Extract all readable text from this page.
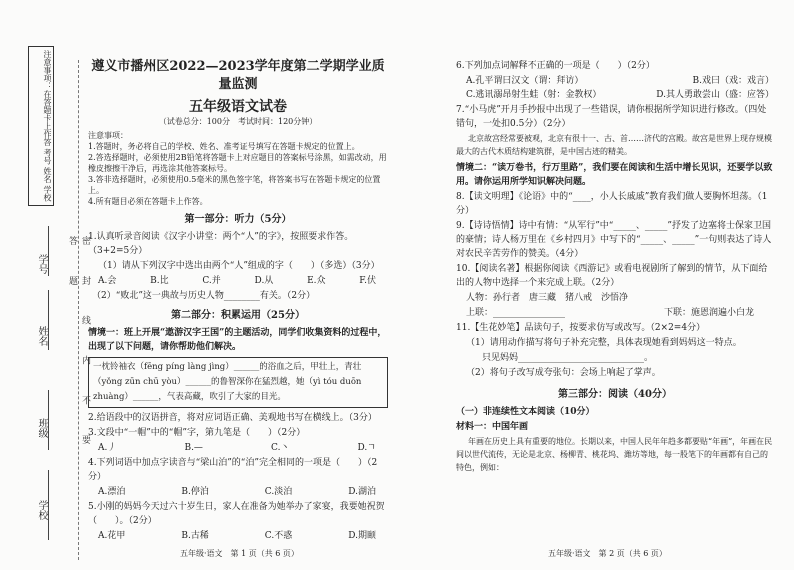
注意事项：在答题卡上作答 考号 姓名 学校
学校
班级
姓名
学号	密 封 线 内 不 要 答 题

遵义市播州区2022—2023学年度第二学期学业质量监测

五年级语文试卷

（试卷总分：100分　考试时间：120分钟）
注意事项：
1.答题时，务必将自己的学校、姓名、准考证号填写在答题卡规定的位置上。
2.答选择题时，必须使用2B铅笔将答题卡上对应题目的答案标号涂黑，如需改动，用
橡皮擦擦干净后，再选涂其他答案标号。
3.答非选择题时，必须使用0.5毫米的黑色签字笔，将答案书写在答题卡规定的位置上。
4.所有题目必须在答题卡上作答。
第一部分：听力（5分）
1.认真听录音阅读《汉字小讲堂：两个“人”的字》，按照要求作答。（3+2=5分）
（1）请从下列汉字中选出由两个“人”组成的字（　　）（多选）（3分）
A.会	B.比	C.并	D.从	E.众	F.伏
（2）“败北”这一典故与历史人物________有关。（2分）
第二部分：积累运用（25分）
情境一：班上开展“遨游汉字王国”的主题活动，同学们收集资料的过程中，出现了以下问题，请你帮助他们解决。
一枕铃袖衣（fēng píng làng jìng）______的浴血之后，甲壮上，青壮（yǒng zūn chū yòu）______的鲁智深你在猛烈越，她（yì tóu duōn zhuàng）______，气表高藏，吹引了大家的目光。
2.给语段中的汉语拼音，将对应词语正确、美观地书写在横线上。（3分）
3.文段中“一帽”中的“帽”字，第九笔是（　　）（2分）
A.丿	B.—	C.丶	D.ㄱ
4.下列词语中加点字读音与“梁山泊”的“泊”完全相同的一项是（　　）（2分）
A.漂泊	B.停泊	C.淡泊	D.湖泊
5.小刚的妈妈今天过六十岁生日，家人在准备为她举办了家宴，我要她祝贺（　　）。（2分）
A.花甲	B.古稀	C.不惑	D.期颐
五年级·语文　第 1 页（共 6 页）
6.下列加点词解释不正确的一项是（　　）（2分）
A.孔平谓曰汉文（谓：拜访）	B.戏曰（戏：戏言）
C.逃讯溺昂射生蛙（射：金教权）	D.其人勇敢尝山（盛：应答）
7.“小马虎”开月手抄报中出现了一些错误，请你根据所学知识进行修改。（四处错句，一处扣0.5分）（2分）
北京故宫经常要被观，北京有很十一、古、首……济代的宫殿。故宫是世界上现存规模最大的古代木质结构建筑群，是中国古迹的精美。
情境二：“读万卷书，行万里路”，我们要在阅读和生活中增长见识，还要学以致用。请你运用所学知识解决问题。
8.【读文明理】《论语》中的“____，小人长戚戚”教育我们做人要胸怀坦荡。（1分）
9.【诗诗悟情】诗中有情：“从军行”中“_____、_____”抒发了边塞将士保家卫国的豪情；诗人杨万里在《乡村四月》中写下的“_____、_____”一句则表达了诗人对农民辛苦劳作的赞美。（4分）
10.【阅读名著】根据你阅读《西游记》或看电视剧所了解到的情节，从下面给出的人物中选择一个来完成上联。（2分）
人物：孙行者　唐三藏　猪八戒　沙悟净
上联：________________	下联：施恩润遍小白龙
11.【生花妙笔】品读句子，按要求仿写或改写。（2×2=4分）
（1）请用动作描写将句子补充完整，具体表现她看到妈妈这一特点。
只见妈妈____________________________。
（2）将句子改写成夸张句：会场上响起了掌声。
第三部分：阅读（40分）
（一）非连续性文本阅读（10分）
材料一：中国年画
年画在历史上具有重要的地位。长期以来，中国人民年年趋多都要贴“年画”，年画在民间以世代流传，无论是北京、杨柳青、桃花坞、潍坊等地，每一股笔下的年画都有自己的特色，例如：
五年级·语文　第 2 页（共 6 页）
